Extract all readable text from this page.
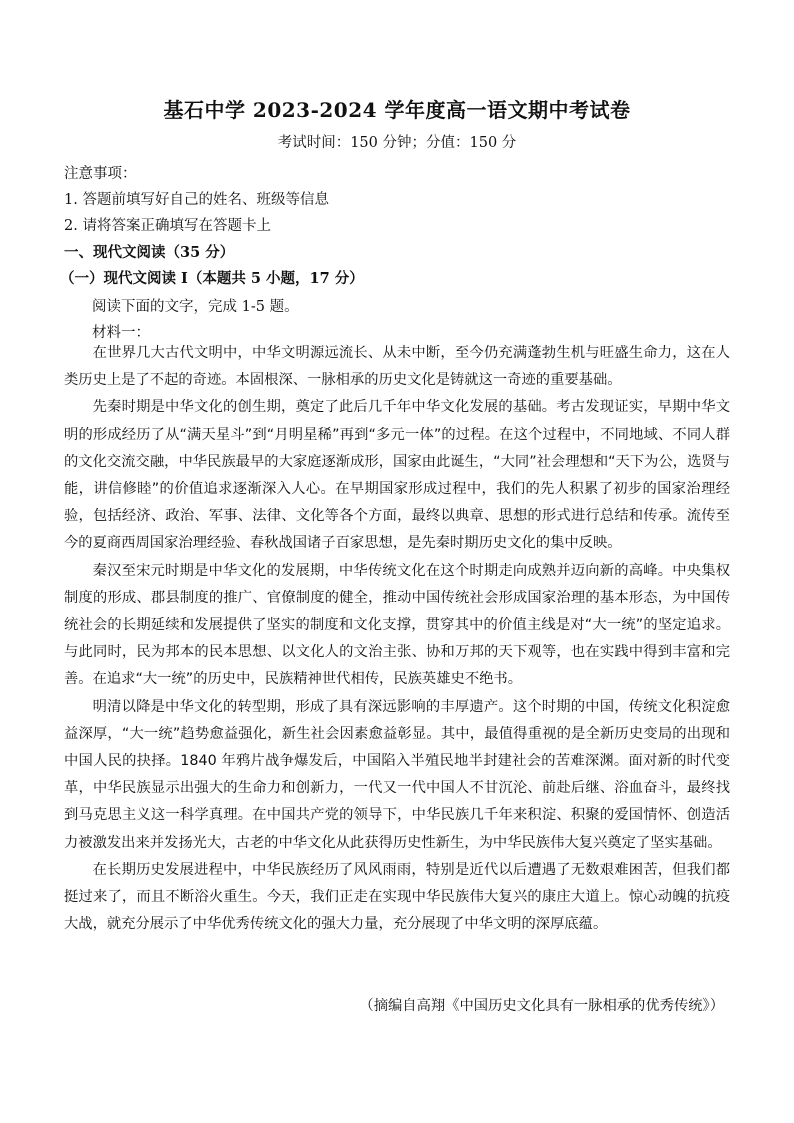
基石中学 2023-2024 学年度高一语文期中考试卷
考试时间：150 分钟；分值：150 分
注意事项：
1. 答题前填写好自己的姓名、班级等信息
2. 请将答案正确填写在答题卡上
一、现代文阅读（35 分）
（一）现代文阅读 I（本题共 5 小题，17 分）
阅读下面的文字，完成 1-5 题。
材料一：

在世界几大古代文明中，中华文明源远流长、从未中断，至今仍充满蓬勃生机与旺盛生命力，这在人类历史上是了不起的奇迹。本固根深、一脉相承的历史文化是铸就这一奇迹的重要基础。

先秦时期是中华文化的创生期，奠定了此后几千年中华文化发展的基础。考古发现证实，早期中华文明的形成经历了从“满天星斗”到“月明星稀”再到“多元一体”的过程。在这个过程中，不同地域、不同人群的文化交流交融，中华民族最早的大家庭逐渐成形，国家由此诞生，“大同”社会理想和“天下为公，选贤与能，讲信修睦”的价值追求逐渐深入人心。在早期国家形成过程中，我们的先人积累了初步的国家治理经验，包括经济、政治、军事、法律、文化等各个方面，最终以典章、思想的形式进行总结和传承。流传至今的夏商西周国家治理经验、春秋战国诸子百家思想，是先秦时期历史文化的集中反映。

秦汉至宋元时期是中华文化的发展期，中华传统文化在这个时期走向成熟并迈向新的高峰。中央集权制度的形成、郡县制度的推广、官僚制度的健全，推动中国传统社会形成国家治理的基本形态，为中国传统社会的长期延续和发展提供了坚实的制度和文化支撑，贯穿其中的价值主线是对“大一统”的坚定追求。与此同时，民为邦本的民本思想、以文化人的文治主张、协和万邦的天下观等，也在实践中得到丰富和完善。在追求“大一统”的历史中，民族精神世代相传，民族英雄史不绝书。

明清以降是中华文化的转型期，形成了具有深远影响的丰厚遗产。这个时期的中国，传统文化积淀愈益深厚，“大一统”趋势愈益强化，新生社会因素愈益彰显。其中，最值得重视的是全新历史变局的出现和中国人民的抉择。1840 年鸦片战争爆发后，中国陷入半殖民地半封建社会的苦难深渊。面对新的时代变革，中华民族显示出强大的生命力和创新力，一代又一代中国人不甘沉沦、前赴后继、浴血奋斗，最终找到马克思主义这一科学真理。在中国共产党的领导下，中华民族几千年来积淀、积聚的爱国情怀、创造活力被激发出来并发扬光大，古老的中华文化从此获得历史性新生，为中华民族伟大复兴奠定了坚实基础。

在长期历史发展进程中，中华民族经历了风风雨雨，特别是近代以后遭遇了无数艰难困苦，但我们都挺过来了，而且不断浴火重生。今天，我们正走在实现中华民族伟大复兴的康庄大道上。惊心动魄的抗疫大战，就充分展示了中华优秀传统文化的强大力量，充分展现了中华文明的深厚底蕴。

（摘编自高翔《中国历史文化具有一脉相承的优秀传统》）
